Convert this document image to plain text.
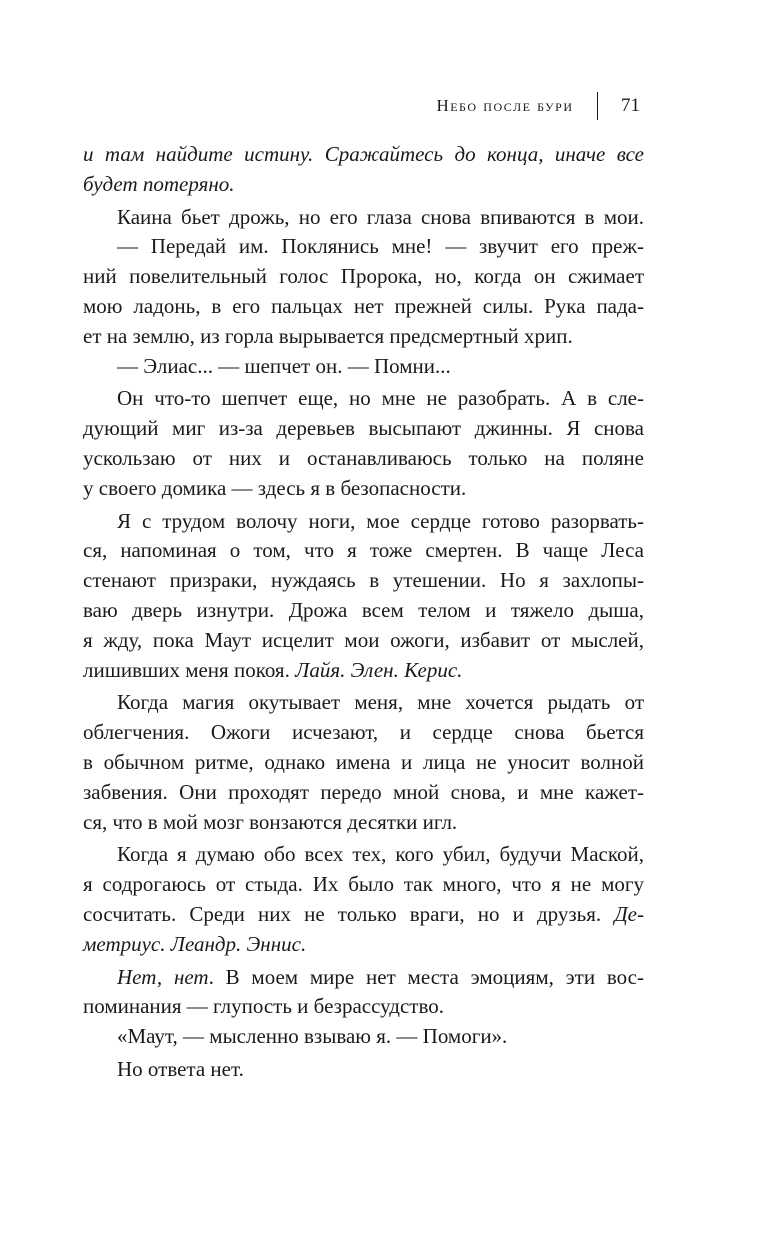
Небо после бури	71
и там найдите истину. Сражайтесь до конца, иначе все
будет потеряно.
Каина бьет дрожь, но его глаза снова впиваются в мои.
— Передай им. Поклянись мне! — звучит его преж-
ний повелительный голос Пророка, но, когда он сжимает
мою ладонь, в его пальцах нет прежней силы. Рука пада-
ет на землю, из горла вырывается предсмертный хрип.
— Элиас... — шепчет он. — Помни...
Он что-то шепчет еще, но мне не разобрать. А в сле-
дующий миг из-за деревьев высыпают джинны. Я снова
ускользаю от них и останавливаюсь только на поляне
у своего домика — здесь я в безопасности.
Я с трудом волочу ноги, мое сердце готово разорвать-
ся, напоминая о том, что я тоже смертен. В чаще Леса
стенают призраки, нуждаясь в утешении. Но я захлопы-
ваю дверь изнутри. Дрожа всем телом и тяжело дыша,
я жду, пока Маут исцелит мои ожоги, избавит от мыслей,
лишивших меня покоя. Лайя. Элен. Керис.
Когда магия окутывает меня, мне хочется рыдать от
облегчения. Ожоги исчезают, и сердце снова бьется
в обычном ритме, однако имена и лица не уносит волной
забвения. Они проходят передо мной снова, и мне кажет-
ся, что в мой мозг вонзаются десятки игл.
Когда я думаю обо всех тех, кого убил, будучи Маской,
я содрогаюсь от стыда. Их было так много, что я не могу
сосчитать. Среди них не только враги, но и друзья. Де-
метриус. Леандр. Эннис.
Нет, нет. В моем мире нет места эмоциям, эти вос-
поминания — глупость и безрассудство.
«Маут, — мысленно взываю я. — Помоги».
Но ответа нет.
